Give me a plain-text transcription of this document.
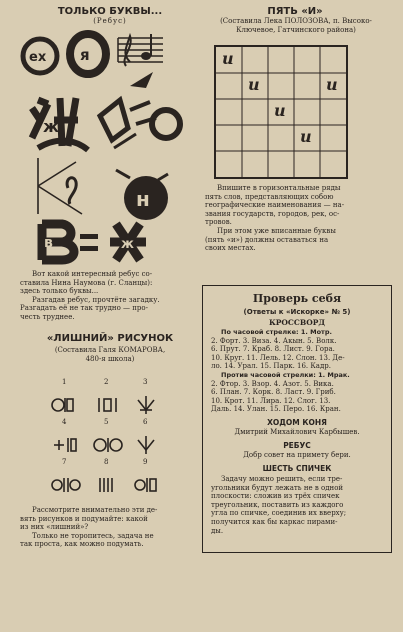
ТОЛЬКО БУКВЫ...
(Ребус)
ex я
ж
н
в	ж
Вот какой интересный ребус со-
ставила Нина Наумова (г. Сланцы):
здесь только буквы...
Разгадав ребус, прочтёте загадку.
Разгадать её не так трудно — про-
честь труднее.
«ЛИШНИЙ» РИСУНОК
(Составила Галя КОМАРОВА,
480-я школа)
1	2	3
4	5	6
7	8	9
Рассмотрите внимательно эти де-
вять рисунков и подумайте: какой
из них «лишний»?
Только не торопитесь, задача не
так проста, как можно подумать.
ПЯТЬ «И»
(Составила Лека ПОЛОЗОВА, п. Высоко-
Ключевое, Гатчинского района)
и
и
и
и
и
Впишите в горизонтальные ряды
пять слов, представляющих собою
географические наименования — на-
звания государств, городов, рек, ос-
тровов.
При этом уже вписанные буквы
(пять «и») должны оставаться на
своих местах.
Проверь себя
(Ответы к «Искорке» № 5)
КРОССВОРД
По часовой стрелке: 1. Мотр.
2. Форт. 3. Виза. 4. Акын. 5. Волк.
6. Прут. 7. Краб. 8. Лист. 9. Гора.
10. Круг. 11. Лель. 12. Слон. 13. Де-
ло. 14. Урал. 15. Парк. 16. Кадр.
Против часовой стрелки: 1. Мрак.
2. Фтор. 3. Взор. 4. Азот. 5. Вика.
6. План. 7. Корк. 8. Ласт. 9. Гриб.
10. Крот. 11. Лира. 12. Слог. 13.
Даль. 14. Улан. 15. Перо. 16. Кран.
ХОДОМ КОНЯ
Дмитрий Михайлович Карбышев.
РЕБУС
Добр совет на примету бери.
ШЕСТЬ СПИЧЕК
Задачу можно решить, если тре-
угольники будут лежать не в одной
плоскости: сложив из трёх спичек
треугольник, поставить из каждого
угла по спичке, соединив их вверху;
получится как бы каркас пирами-
ды.
